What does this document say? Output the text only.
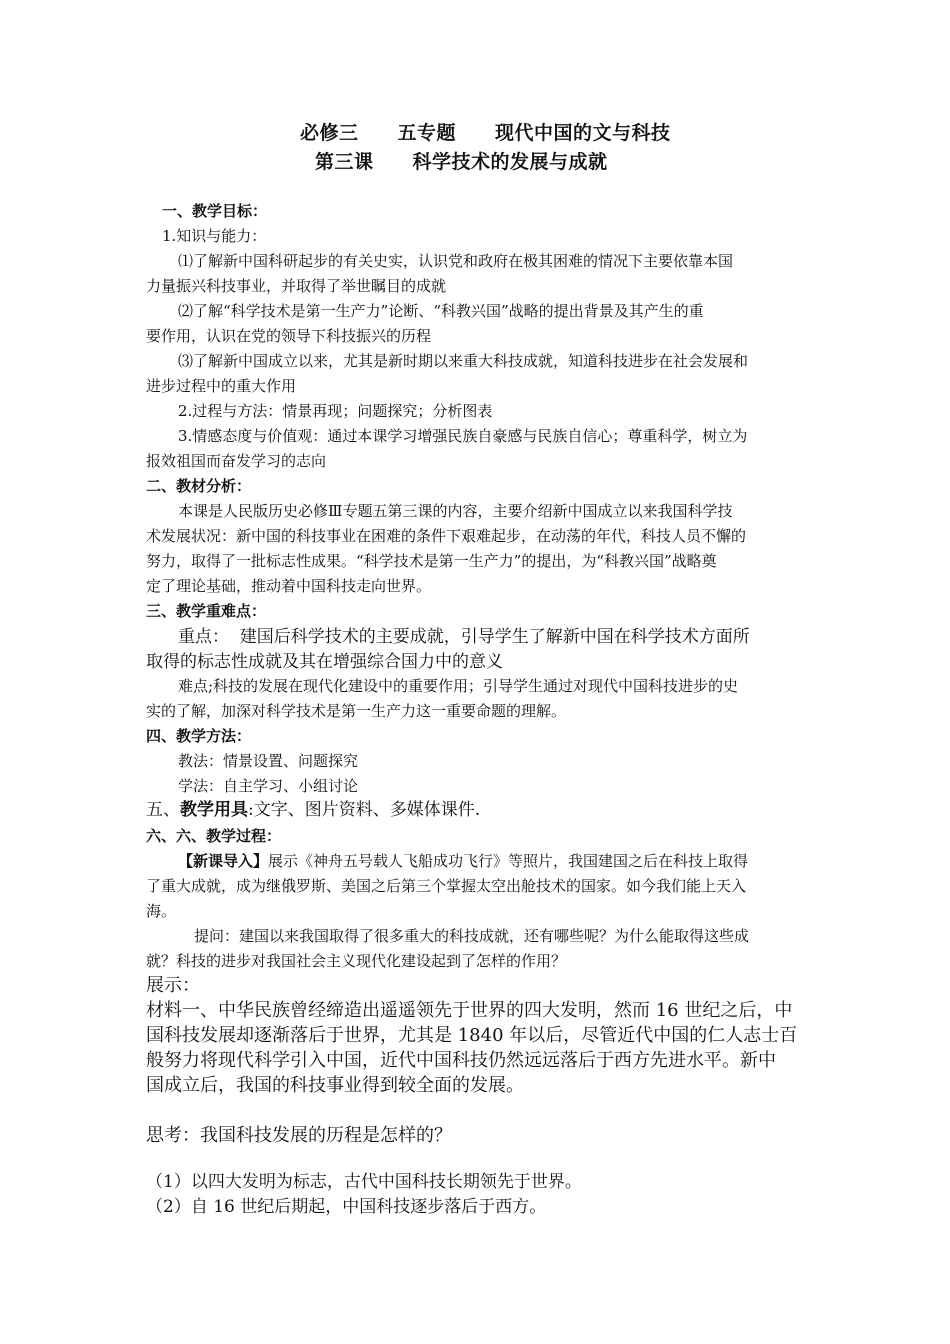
必修三　　五专题　　现代中国的文与科技
第三课　　科学技术的发展与成就
一、教学目标：
1.知识与能力：
⑴了解新中国科研起步的有关史实，认识党和政府在极其困难的情况下主要依靠本国
力量振兴科技事业，并取得了举世瞩目的成就
⑵了解“科学技术是第一生产力”论断、“科教兴国”战略的提出背景及其产生的重
要作用，认识在党的领导下科技振兴的历程
⑶了解新中国成立以来，尤其是新时期以来重大科技成就，知道科技进步在社会发展和
进步过程中的重大作用
2.过程与方法：情景再现；问题探究；分析图表
3.情感态度与价值观：通过本课学习增强民族自豪感与民族自信心；尊重科学，树立为
报效祖国而奋发学习的志向
二、教材分析：
本课是人民版历史必修Ⅲ专题五第三课的内容，主要介绍新中国成立以来我国科学技
术发展状况：新中国的科技事业在困难的条件下艰难起步，在动荡的年代，科技人员不懈的
努力，取得了一批标志性成果。“科学技术是第一生产力”的提出，为“科教兴国”战略奠
定了理论基础，推动着中国科技走向世界。
三、教学重难点：
重点：  建国后科学技术的主要成就，引导学生了解新中国在科学技术方面所
取得的标志性成就及其在增强综合国力中的意义
难点;科技的发展在现代化建设中的重要作用；引导学生通过对现代中国科技进步的史
实的了解，加深对科学技术是第一生产力这一重要命题的理解。
四、教学方法：
教法：情景设置、问题探究
学法：自主学习、小组讨论
五、教学用具:文字、图片资料、多媒体课件.
六、六、教学过程：
【新课导入】展示《神舟五号载人飞船成功飞行》等照片，我国建国之后在科技上取得
了重大成就，成为继俄罗斯、美国之后第三个掌握太空出舱技术的国家。如今我们能上天入
海。
提问：建国以来我国取得了很多重大的科技成就，还有哪些呢？为什么能取得这些成
就？科技的进步对我国社会主义现代化建设起到了怎样的作用？
展示：
材料一、中华民族曾经缔造出遥遥领先于世界的四大发明，然而 16 世纪之后，中
国科技发展却逐渐落后于世界，尤其是 1840 年以后，尽管近代中国的仁人志士百
般努力将现代科学引入中国，近代中国科技仍然远远落后于西方先进水平。新中
国成立后，我国的科技事业得到较全面的发展。
思考：我国科技发展的历程是怎样的？
（1）以四大发明为标志，古代中国科技长期领先于世界。
（2）自 16 世纪后期起，中国科技逐步落后于西方。
